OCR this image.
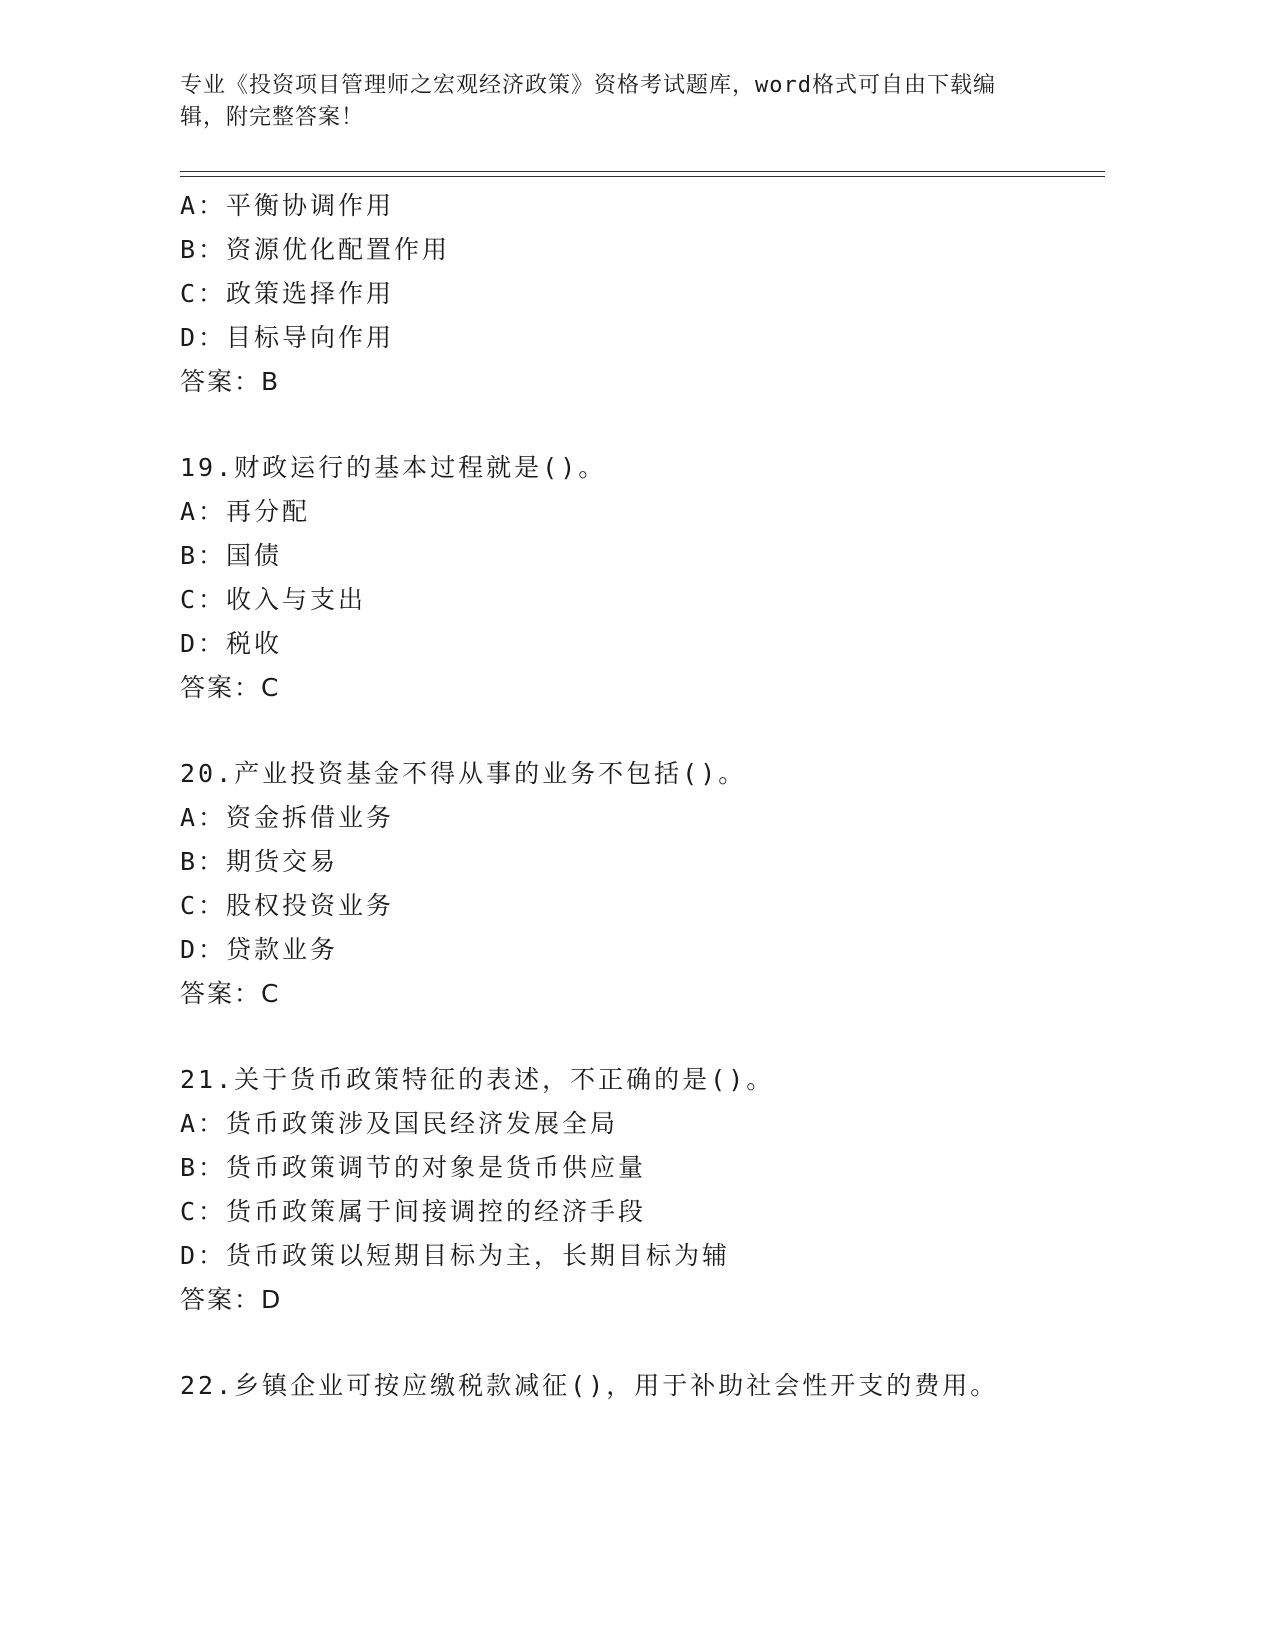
专业《投资项目管理师之宏观经济政策》资格考试题库，word格式可自由下载编
辑，附完整答案！
A：平衡协调作用
B：资源优化配置作用
C：政策选择作用
D：目标导向作用
答案：B
19.财政运行的基本过程就是()。
A：再分配
B：国债
C：收入与支出
D：税收
答案：C
20.产业投资基金不得从事的业务不包括()。
A：资金拆借业务
B：期货交易
C：股权投资业务
D：贷款业务
答案：C
21.关于货币政策特征的表述，不正确的是()。
A：货币政策涉及国民经济发展全局
B：货币政策调节的对象是货币供应量
C：货币政策属于间接调控的经济手段
D：货币政策以短期目标为主，长期目标为辅
答案：D
22.乡镇企业可按应缴税款减征()，用于补助社会性开支的费用。
